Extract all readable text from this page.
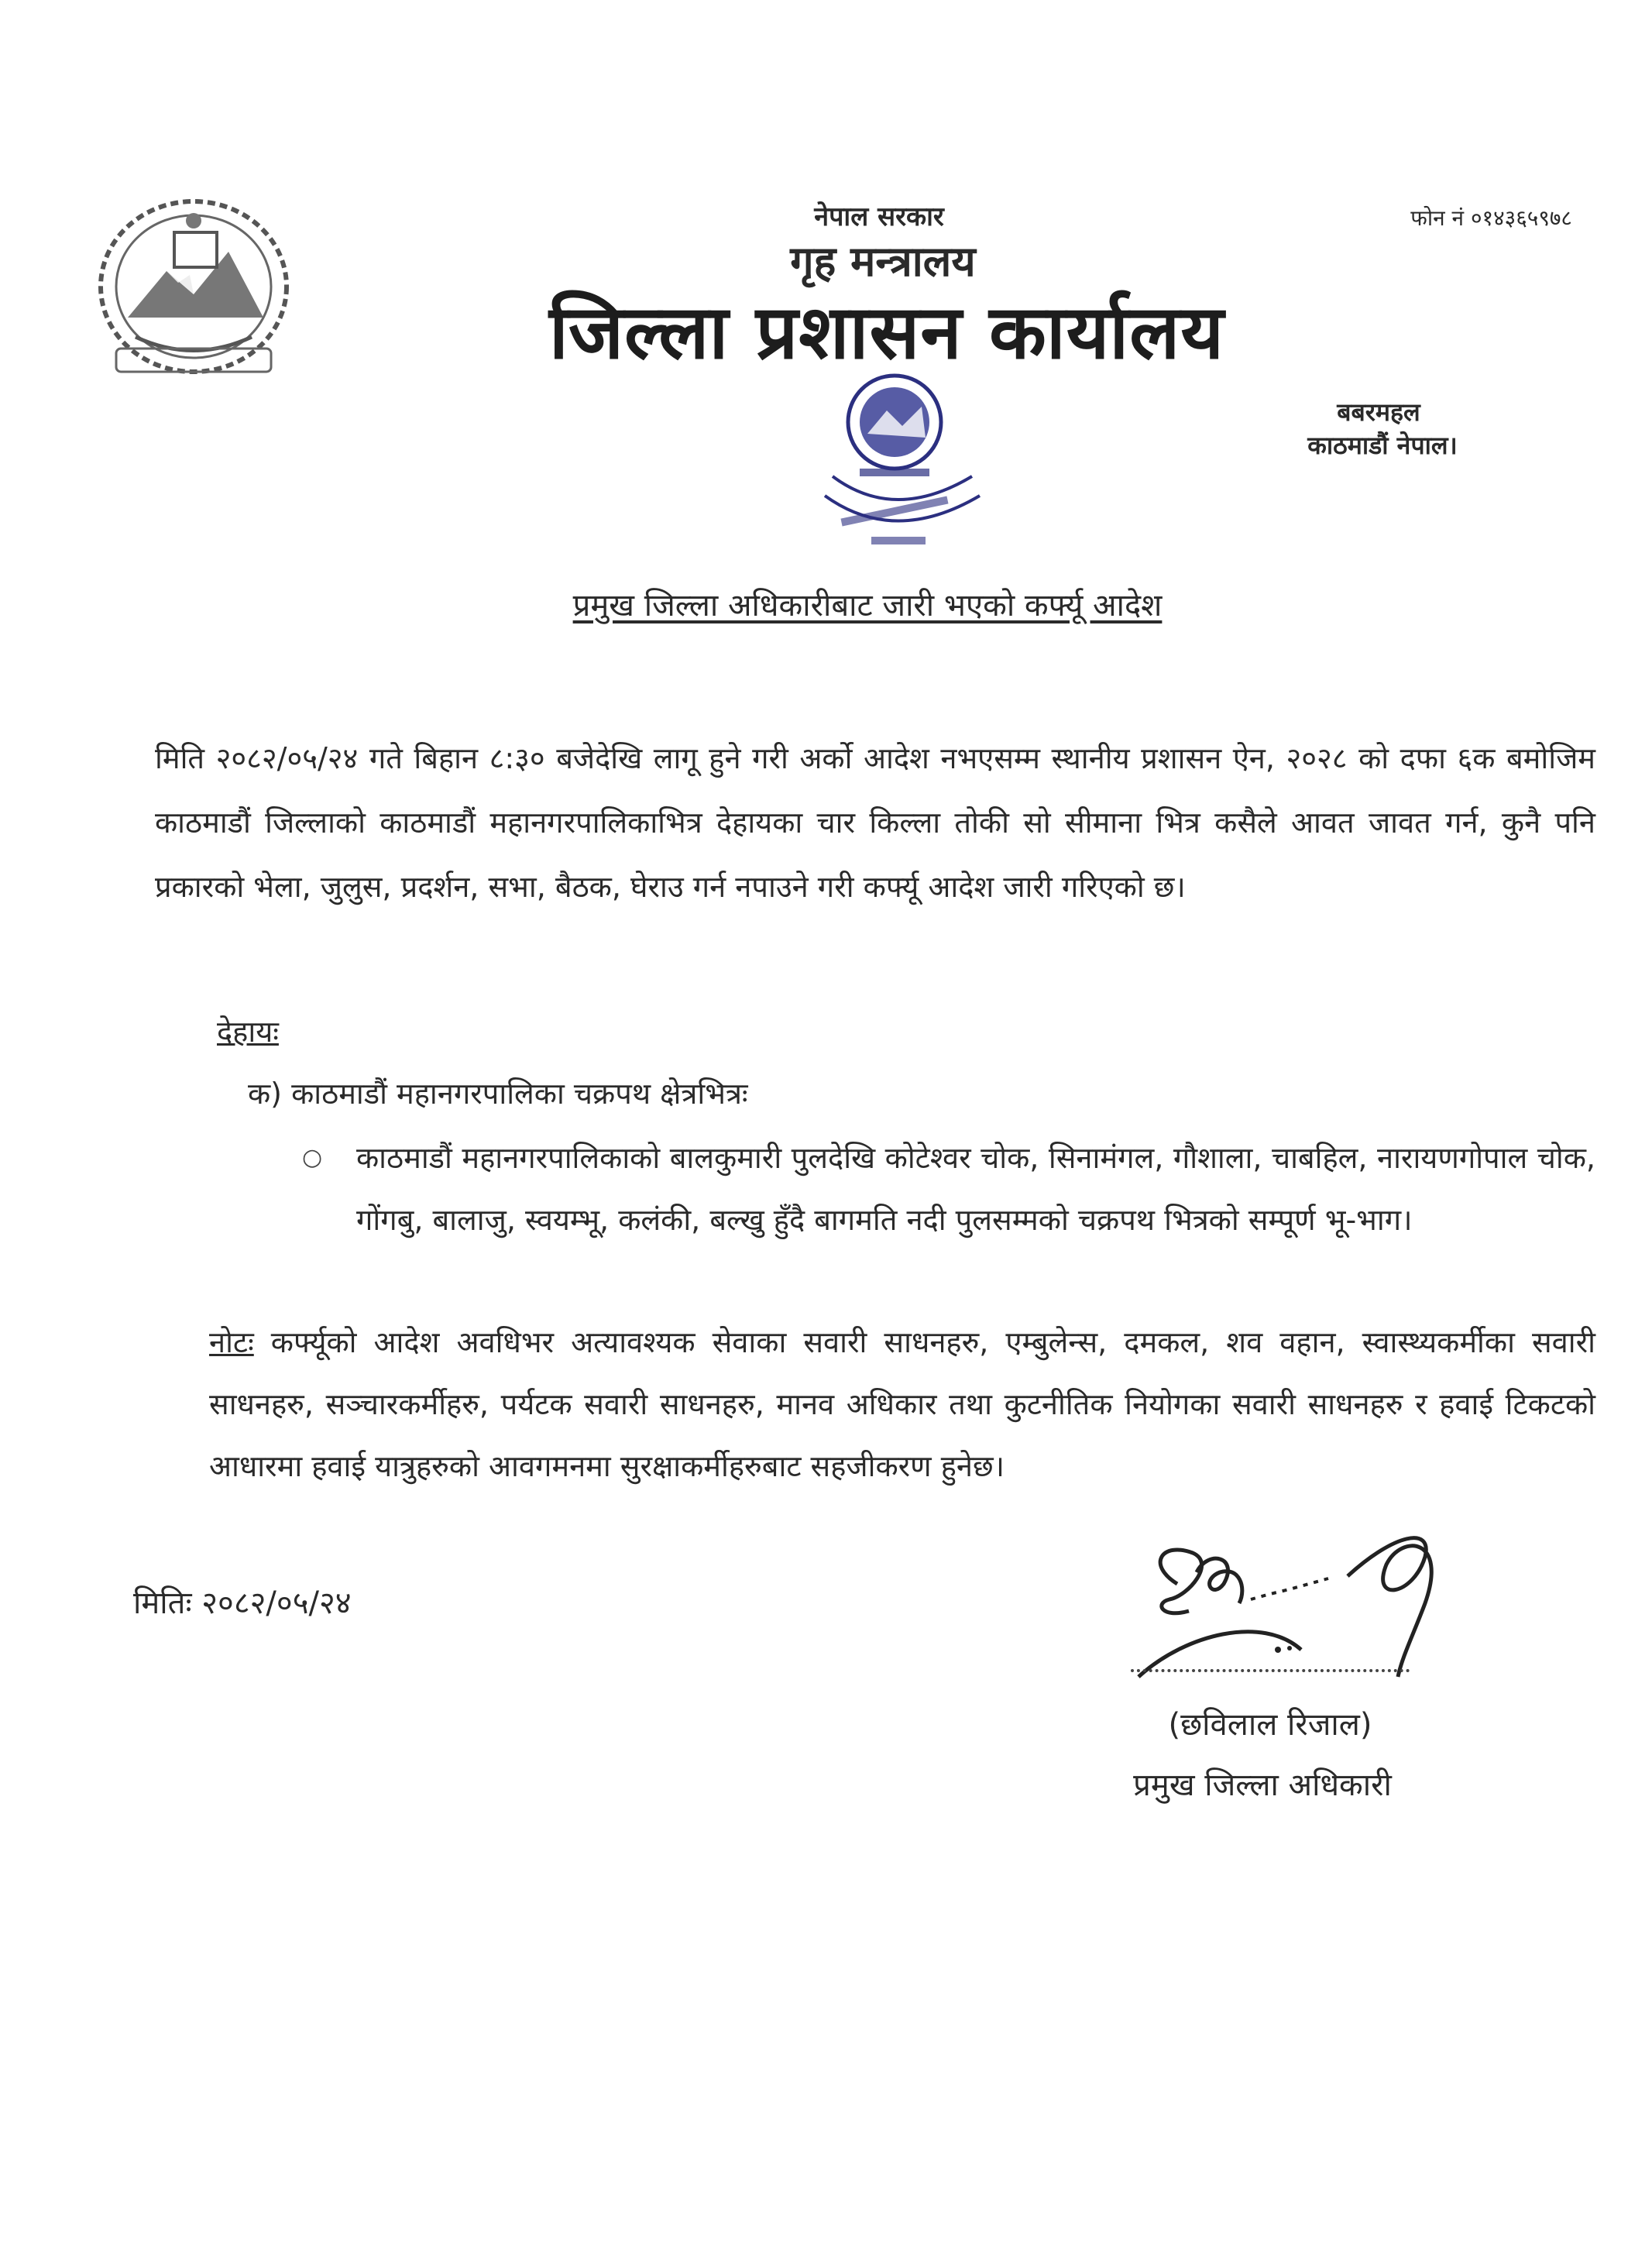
नेपाल सरकार
गृह मन्त्रालय
जिल्ला प्रशासन कार्यालय
फोन नं ०१४३६५९७८
बबरमहल
काठमाडौं नेपाल।
प्रमुख जिल्ला अधिकारीबाट जारी भएको कर्फ्यू आदेश
मिति २०८२/०५/२४ गते बिहान ८:३० बजेदेखि लागू हुने गरी अर्को आदेश नभएसम्म स्थानीय प्रशासन ऐन, २०२८ को दफा ६क बमोजिम काठमाडौं जिल्लाको काठमाडौं महानगरपालिकाभित्र देहायका चार किल्ला तोकी सो सीमाना भित्र कसैले आवत जावत गर्न, कुनै पनि प्रकारको भेला, जुलुस, प्रदर्शन, सभा, बैठक, घेराउ गर्न नपाउने गरी कर्फ्यू आदेश जारी गरिएको छ।
देहायः
क) काठमाडौं महानगरपालिका चक्रपथ क्षेत्रभित्रः
○ काठमाडौं महानगरपालिकाको बालकुमारी पुलदेखि कोटेश्वर चोक, सिनामंगल, गौशाला, चाबहिल, नारायणगोपाल चोक, गोंगबु, बालाजु, स्वयम्भू, कलंकी, बल्खु हुँदै बागमति नदी पुलसम्मको चक्रपथ भित्रको सम्पूर्ण भू-भाग।
नोटः कर्फ्यूको आदेश अवधिभर अत्यावश्यक सेवाका सवारी साधनहरु, एम्बुलेन्स, दमकल, शव वहान, स्वास्थ्यकर्मीका सवारी साधनहरु, सञ्चारकर्मीहरु, पर्यटक सवारी साधनहरु, मानव अधिकार तथा कुटनीतिक नियोगका सवारी साधनहरु र हवाई टिकटको आधारमा हवाई यात्रुहरुको आवगमनमा सुरक्षाकर्मीहरुबाट सहजीकरण हुनेछ।
मितिः २०८२/०५/२४
(छविलाल रिजाल)
प्रमुख जिल्ला अधिकारी
